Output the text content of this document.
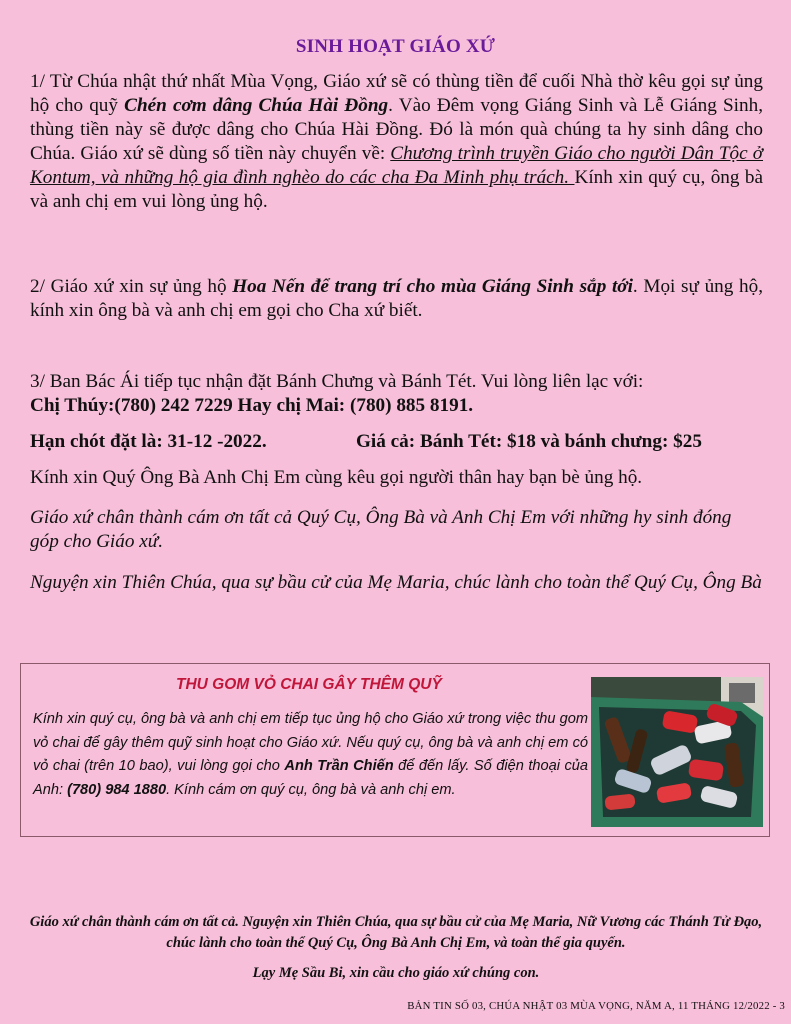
SINH HOẠT GIÁO XỨ
1/ Từ Chúa nhật thứ nhất Mùa Vọng, Giáo xứ sẽ có thùng tiền để cuối Nhà thờ kêu gọi sự ủng hộ cho quỹ Chén cơm dâng Chúa Hài Đồng. Vào Đêm vọng Giáng Sinh và Lễ Giáng Sinh, thùng tiền này sẽ được dâng cho Chúa Hài Đồng. Đó là món quà chúng ta hy sinh dâng cho Chúa. Giáo xứ sẽ dùng số tiền này chuyển về: Chương trình truyền Giáo cho người Dân Tộc ở Kontum, và những hộ gia đình nghèo do các cha Đa Minh phụ trách. Kính xin quý cụ, ông bà và anh chị em vui lòng ủng hộ.
2/ Giáo xứ xin sự ủng hộ Hoa Nến để trang trí cho mùa Giáng Sinh sắp tới. Mọi sự ủng hộ, kính xin ông bà và anh chị em gọi cho Cha xứ biết.
3/ Ban Bác Ái tiếp tục nhận đặt Bánh Chưng và Bánh Tét. Vui lòng liên lạc với:
Chị Thúy:(780) 242 7229 Hay chị Mai: (780) 885 8191.
Hạn chót đặt là: 31-12 -2022.	Giá cả: Bánh Tét: $18 và bánh chưng: $25
Kính xin Quý Ông Bà Anh Chị Em cùng kêu gọi người thân hay bạn bè ủng hộ.
Giáo xứ chân thành cám ơn tất cả Quý Cụ, Ông Bà và Anh Chị Em với những hy sinh đóng góp cho Giáo xứ.
Nguyện xin Thiên Chúa, qua sự bầu cử của Mẹ Maria, chúc lành cho toàn thể Quý Cụ, Ông Bà
THU GOM VỎ CHAI GÂY THÊM QUỸ
Kính xin quý cụ, ông bà và anh chị em tiếp tục ủng hộ cho Giáo xứ trong việc thu gom vỏ chai để gây thêm quỹ sinh hoạt cho Giáo xứ. Nếu quý cụ, ông bà và anh chị em có vỏ chai (trên 10 bao), vui lòng gọi cho Anh Trần Chiến để đến lấy. Số điện thoại của Anh: (780) 984 1880. Kính cám ơn quý cụ, ông bà và anh chị em.
Giáo xứ chân thành cám ơn tất cả. Nguyện xin Thiên Chúa, qua sự bầu cử của Mẹ Maria, Nữ Vương các Thánh Tử Đạo, chúc lành cho toàn thể Quý Cụ, Ông Bà Anh Chị Em, và toàn thể gia quyến.
Lạy Mẹ Sầu Bi, xin cầu cho giáo xứ chúng con.
BẢN TIN SỐ 03, CHÚA NHẬT 03 MÙA VỌNG, NĂM A, 11 THÁNG 12/2022 - 3
